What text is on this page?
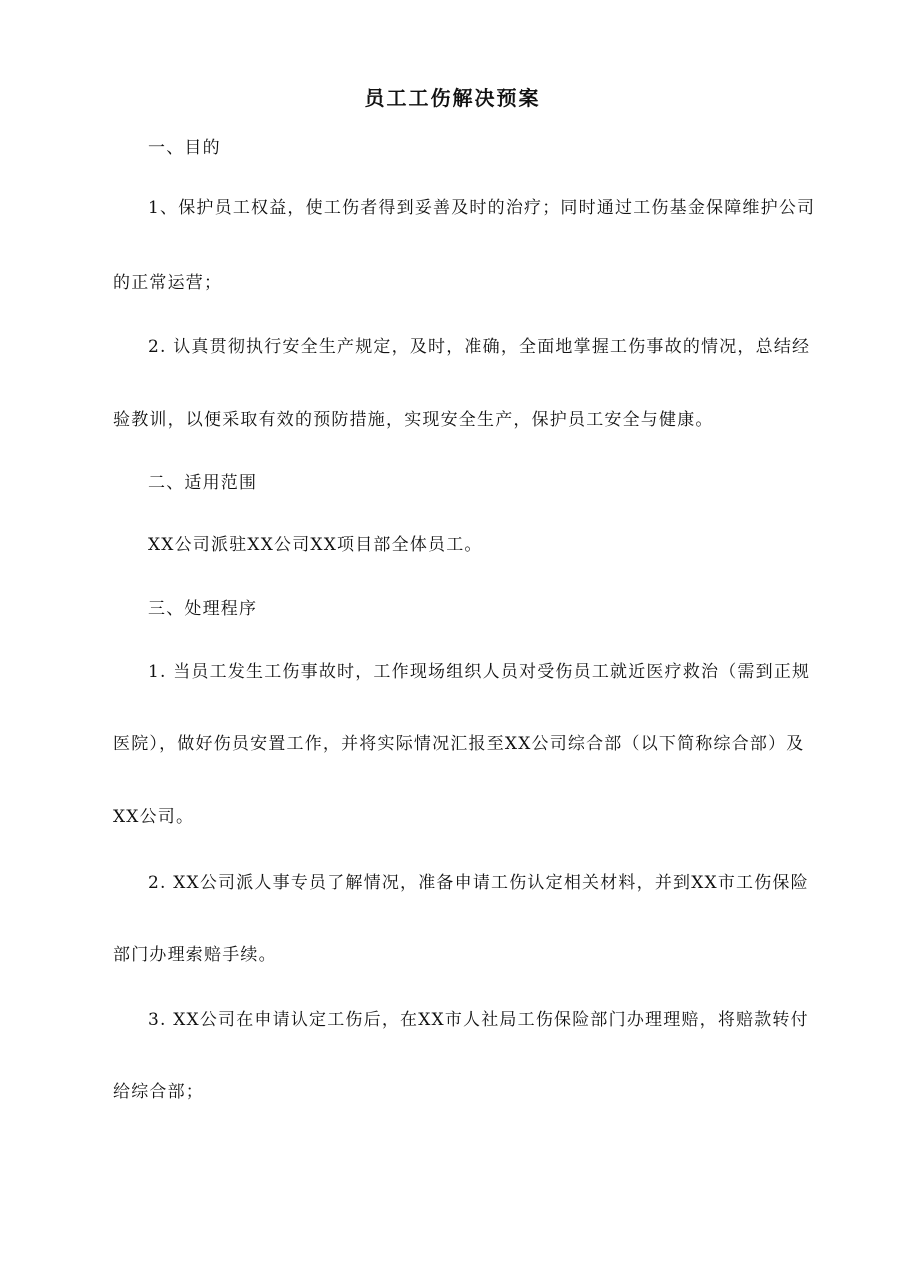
员工工伤解决预案
一、目的
1、保护员工权益，使工伤者得到妥善及时的治疗；同时通过工伤基金保障维护公司
的正常运营；
2. 认真贯彻执行安全生产规定，及时，准确，全面地掌握工伤事故的情况，总结经
验教训，以便采取有效的预防措施，实现安全生产，保护员工安全与健康。
二、适用范围
XX公司派驻XX公司XX项目部全体员工。
三、处理程序
1. 当员工发生工伤事故时，工作现场组织人员对受伤员工就近医疗救治（需到正规
医院），做好伤员安置工作，并将实际情况汇报至XX公司综合部（以下简称综合部）及
XX公司。
2. XX公司派人事专员了解情况，准备申请工伤认定相关材料，并到XX市工伤保险
部门办理索赔手续。
3. XX公司在申请认定工伤后，在XX市人社局工伤保险部门办理理赔，将赔款转付
给综合部；
